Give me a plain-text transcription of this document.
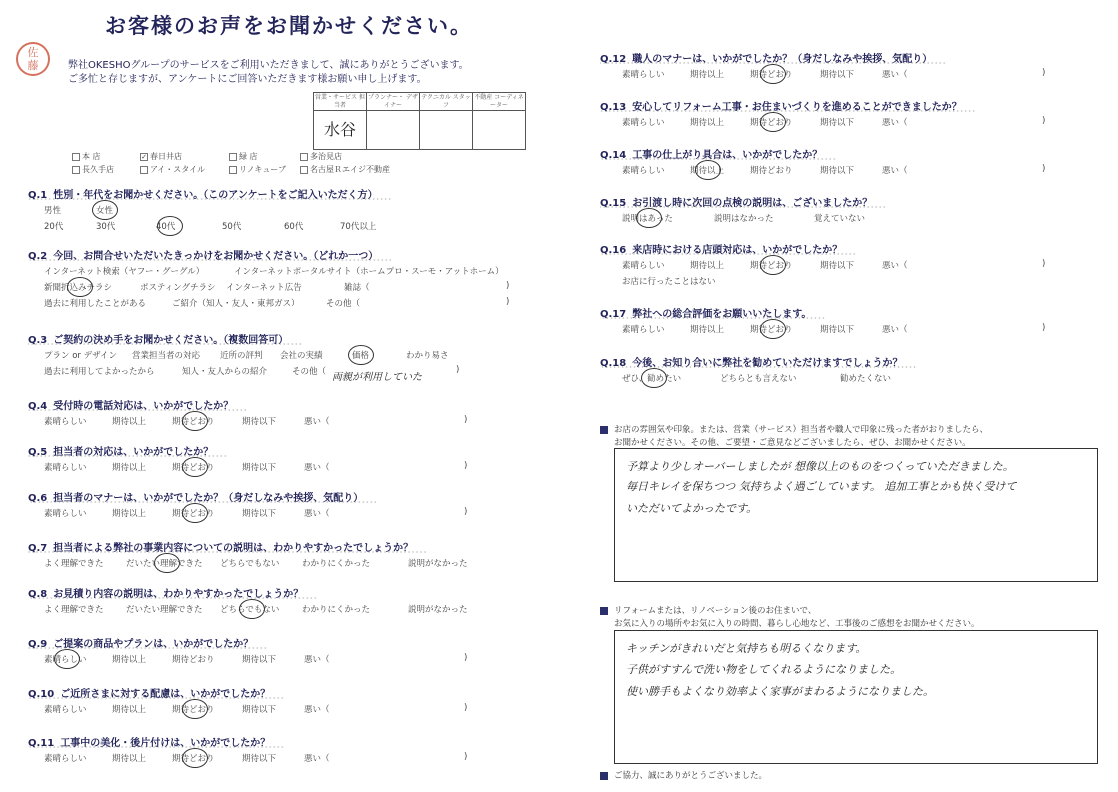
お客様のお声をお聞かせください。
佐
藤	弊社OKESHOグループのサービスをご利用いただきまして、誠にありがとうございます。
ご多忙と存じますが、アンケートにご回答いただきます様お願い申し上げます。
営業・サービス 担当者	プランナー・ デザイナー	テクニカル スタッフ	不動産 コーディネーター
水谷			
本 店	✓ 春日井店	緑 店	多治見店
長久手店	アイ・スタイル	リノキューブ	名古屋Ｒエイジ不動産
Q.1 性別・年代をお聞かせください。（このアンケートをご記入いただく方）
男性	女性
20代	30代	40代	50代	60代	70代以上
Q.2 今回、お問合せいただいたきっかけをお聞かせください。（どれか一つ）
インターネット検索（ヤフー・グーグル）	インターネットポータルサイト（ホームプロ・スーモ・アットホーム）
新聞折込みチラシ	ポスティングチラシ インターネット広告	雑誌（	)
過去に利用したことがある	ご紹介（知人・友人・東邦ガス）	その他（	)
Q.3 ご契約の決め手をお聞かせください。（複数回答可）
プラン or デザイン 営業担当者の対応 近所の評判 会社の実績	価格	わかり易さ
過去に利用してよかったから	知人・友人からの紹介	その他（	)
Q.4 受付時の電話対応は、いかがでしたか？
素晴らしい	期待以上	期待どおり	期待以下	悪い（	)
Q.5 担当者の対応は、いかがでしたか？
素晴らしい	期待以上	期待どおり	期待以下	悪い（	)
Q.6 担当者のマナーは、いかがでしたか？（身だしなみや挨拶、気配り）
素晴らしい	期待以上	期待どおり	期待以下	悪い（	)
Q.7 担当者による弊社の事業内容についての説明は、わかりやすかったでしょうか？
よく理解できた	だいたい理解できた どちらでもない	わかりにくかった	説明がなかった
Q.8 お見積り内容の説明は、わかりやすかったでしょうか？
よく理解できた	だいたい理解できた どちらでもない	わかりにくかった	説明がなかった
Q.9 ご提案の商品やプランは、いかがでしたか？
素晴らしい	期待以上	期待どおり	期待以下	悪い（	)
Q.10 ご近所さまに対する配慮は、いかがでしたか？
素晴らしい	期待以上	期待どおり	期待以下	悪い（	)
Q.11 工事中の美化・後片付けは、いかがでしたか？
素晴らしい	期待以上	期待どおり	期待以下	悪い（	)
Q.12 職人のマナーは、いかがでしたか？（身だしなみや挨拶、気配り）
素晴らしい	期待以上	期待どおり	期待以下	悪い（	)
Q.13 安心してリフォーム工事・お住まいづくりを進めることができましたか？
素晴らしい	期待以上	期待どおり	期待以下	悪い（	)
Q.14 工事の仕上がり具合は、いかがでしたか？
素晴らしい	期待以上	期待どおり	期待以下	悪い（	)
Q.15 お引渡し時に次回の点検の説明は、ございましたか？
説明はあった	説明はなかった	覚えていない
Q.16 来店時における店頭対応は、いかがでしたか？
素晴らしい	期待以上	期待どおり	期待以下	悪い（	)
お店に行ったことはない
Q.17 弊社への総合評価をお願いいたします。
素晴らしい	期待以上	期待どおり	期待以下	悪い（	)
Q.18 今後、お知り合いに弊社を勧めていただけますでしょうか？
ぜひ、勧めたい	どちらとも言えない	勧めたくない
お店の雰囲気や印象。または、営業（サービス）担当者や職人で印象に残った者がおりましたら、
お聞かせください。その他、ご要望・ご意見などございましたら、ぜひ、お聞かせください。
予算より少しオーバーしましたが 想像以上のものをつくっていただきました。
毎日キレイを保ちつつ 気持ちよく過ごしています。 追加工事とかも快く受けて
いただいてよかったです。
リフォームまたは、リノベーション後のお住まいで、
お気に入りの場所やお気に入りの時間、暮らし心地など、工事後のご感想をお聞かせください。
キッチンがきれいだと気持ちも明るくなります。
子供がすすんで洗い物をしてくれるようになりました。
使い勝手もよくなり効率よく家事がまわるようになりました。
ご協力、誠にありがとうございました。
両親が利用していた
